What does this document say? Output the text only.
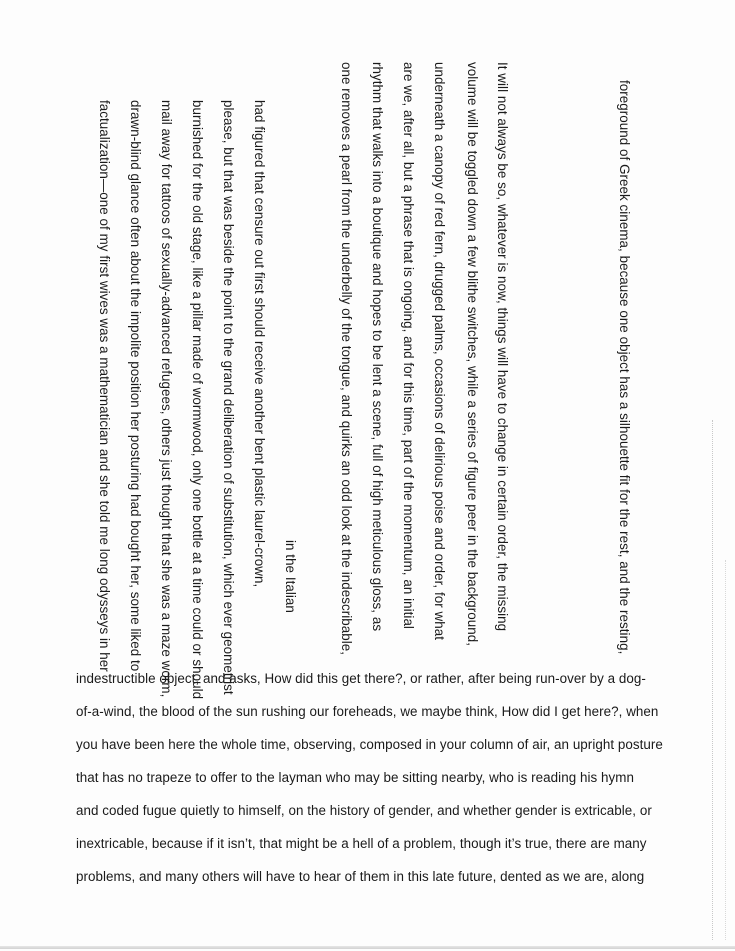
foreground of Greek cinema, because one object has a silhouette fit for the rest, and the resting,
It will not always be so, whatever is now, things will have to change in certain order, the missing
volume will be toggled down a few blithe switches, while a series of figure peer in the background,
underneath a canopy of red fern, drugged palms, occasions of delirious poise and order, for what
are we, after all, but a phrase that is ongoing, and for this time, part of the momentum, an initial
rhythm that walks into a boutique and hopes to be lent a scene, full of high meticulous gloss, as
one removes a pearl from the underbelly of the tongue, and quirks an odd look at the indescribable,
in the Italian
had figured that censure out first should receive another bent plastic laurel-crown,
please, but that was beside the point to the grand deliberation of substitution, which ever geometrist
burnished for the old stage, like a pillar made of wormwood, only one bottle at a time could or should
mail away for tattoos of sexually-advanced refugees, others just thought that she was a maze worm,
drawn-blind glance often about the impolite position her posturing had bought her, some liked to
factualization—one of my first wives was a mathematician and she told me long odysseys in her
indestructible object, and asks, How did this get there?, or rather, after being run-over by a dog-
of-a-wind, the blood of the sun rushing our foreheads, we maybe think, How did I get here?, when
you have been here the whole time, observing, composed in your column of air, an upright posture
that has no trapeze to offer to the layman who may be sitting nearby, who is reading his hymn
and coded fugue quietly to himself, on the history of gender, and whether gender is extricable, or
inextricable, because if it isn’t, that might be a hell of a problem, though it’s true, there are many
problems, and many others will have to hear of them in this late future, dented as we are, along
